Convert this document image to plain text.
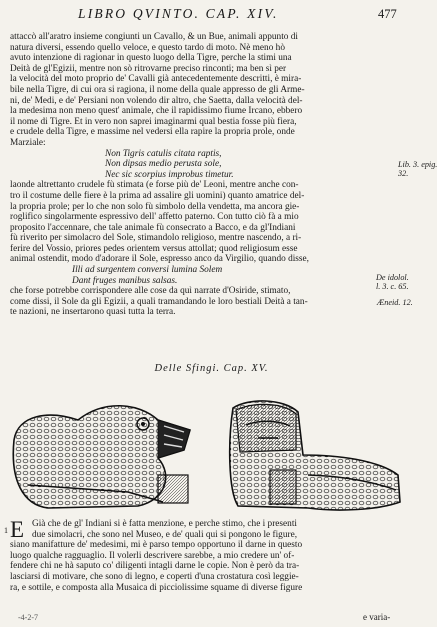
LIBRO QVINTO. CAP. XIV.	477
attaccò all'aratro insieme congiunti un Cavallo, & un Bue, animali appunto di
natura diversi, essendo quello veloce, e questo tardo di moto. Nè meno hò
avuto intenzione di ragionar in questo luogo della Tigre, perche la stimi una
Deità de gl'Egizii, mentre non sò ritrovarne preciso rinconti; ma ben sì per
la velocità del moto proprio de' Cavalli già antecedentemente descritti, è mira-
bile nella Tigre, di cui ora si ragiona, il nome della quale appresso de gli Arme-
ni, de' Medi, e de' Persiani non volendo dir altro, che Saetta, dalla velocità del-
la medesima non meno quest' animale, che il rapidissimo fiume Ircano, ebbero
il nome di Tigre. Et in vero non saprei imaginarmi qual bestia fosse più fiera,
e crudele della Tigre, e massime nel vedersi ella rapire la propria prole, onde
Marziale:
Non Tigris catulis citata raptis,
Non dipsas medio perusta sole,
Nec sic scorpius improbus timetur.
laonde altrettanto crudele fù stimata (e forse più de' Leoni, mentre anche con-
tro il costume delle fiere è la prima ad assalire gli uomini) quanto amatrice del-
la propria prole; per lo che non solo fù simbolo della vendetta, ma ancora gie-
roglifico singolarmente espressivo dell' affetto paterno. Con tutto ciò fà a mio
proposito l'accennare, che tale animale fù consecrato a Bacco, e da gl'Indiani
fù riverito per simolacro del Sole, stimandolo religioso, mentre nascendo, a ri-
ferire del Vossio, priores pedes orientem versus attollat; quod religiosum esse
animal ostendit, modo d'adorare il Sole, espresso anco da Virgilio, quando disse,
Illi ad surgentem conversi lumina Solem
Dant fruges manibus salsas.
che forse potrebbe corrispondere alle cose da quì narrate d'Osiride, stimato,
come dissi, il Sole da gli Egizii, a quali tramandando le loro bestiali Deità a tan-
te nazioni, ne insertarono quasi tutta la terra.
Lib. 3. epig.
32.
De idolol.
l. 3. c. 65.
Æneid. 12.
Delle Sfingi. Cap. XV.
1 E Già che de gl' Indiani si è fatta menzione, e perche stimo, che i presenti
due simolacri, che sono nel Museo, e de' quali qui si pongono le figure,
siano manifatture de' medesimi, mi è parso tempo opportuno il darne in questo
luogo qualche ragguaglio. Il volerli descrivere sarebbe, a mio credere un' of-
fendere chi ne hà saputo co' diligenti intagli darne le copie. Non è però da tra-
lasciarsi di motivare, che sono di legno, e coperti d'una crostatura così leggie-
ra, e sottile, e composta alla Musaica di picciolissime squame di diverse figure
-4-2-7	e varia-
